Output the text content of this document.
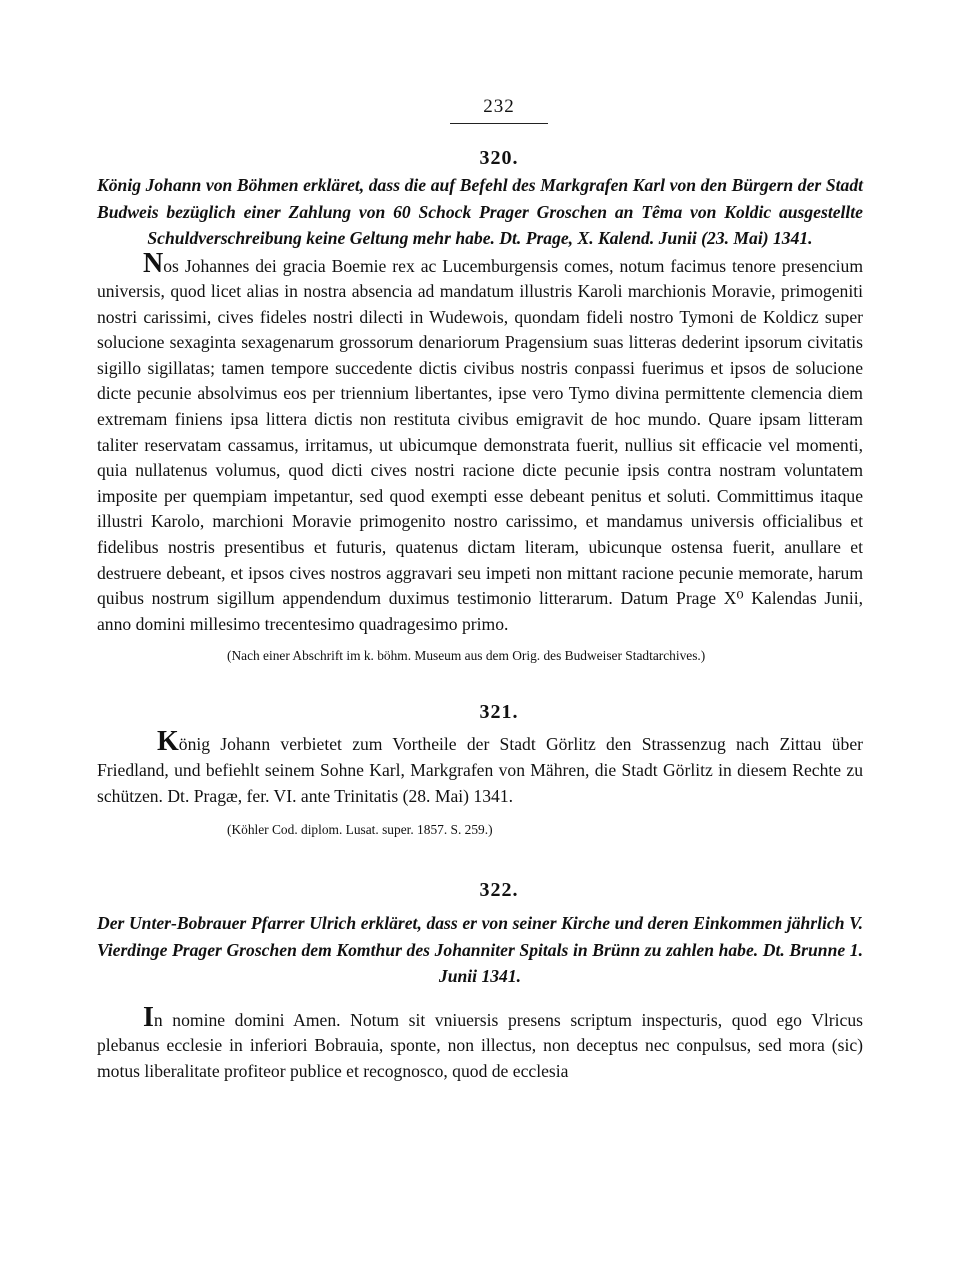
232
320.

König Johann von Böhmen erkläret, dass die auf Befehl des Markgrafen Karl von den Bürgern der Stadt Budweis bezüglich einer Zahlung von 60 Schock Prager Groschen an Têma von Koldic ausgestellte Schuldverschreibung keine Geltung mehr habe. Dt. Prage, X. Kalend. Junii (23. Mai) 1341.

Nos Johannes dei gracia Boemie rex ac Lucemburgensis comes, notum facimus tenore presencium universis, quod licet alias in nostra absencia ad mandatum illustris Karoli marchionis Moravie, primogeniti nostri carissimi, cives fideles nostri dilecti in Wudewois, quondam fideli nostro Tymoni de Koldicz super solucione sexaginta sexagenarum grossorum denariorum Pragensium suas litteras dederint ipsorum civitatis sigillo sigillatas; tamen tempore succedente dictis civibus nostris conpassi fuerimus et ipsos de solucione dicte pecunie absolvimus eos per triennium libertantes, ipse vero Tymo divina permittente clemencia diem extremam finiens ipsa littera dictis non restituta civibus emigravit de hoc mundo. Quare ipsam litteram taliter reservatam cassamus, irritamus, ut ubicumque demonstrata fuerit, nullius sit efficacie vel momenti, quia nullatenus volumus, quod dicti cives nostri racione dicte pecunie ipsis contra nostram voluntatem imposite per quempiam impetantur, sed quod exempti esse debeant penitus et soluti. Committimus itaque illustri Karolo, marchioni Moravie primogenito nostro carissimo, et mandamus universis officialibus et fidelibus nostris presentibus et futuris, quatenus dictam literam, ubicunque ostensa fuerit, anullare et destruere debeant, et ipsos cives nostros aggravari seu impeti non mittant racione pecunie memorate, harum quibus nostrum sigillum appendendum duximus testimonio litterarum. Datum Prage X⁰ Kalendas Junii, anno domini millesimo trecentesimo quadragesimo primo.

(Nach einer Abschrift im k. böhm. Museum aus dem Orig. des Budweiser Stadtarchives.)
321.

König Johann verbietet zum Vortheile der Stadt Görlitz den Strassenzug nach Zittau über Friedland, und befiehlt seinem Sohne Karl, Markgrafen von Mähren, die Stadt Görlitz in diesem Rechte zu schützen. Dt. Pragæ, fer. VI. ante Trinitatis (28. Mai) 1341.

(Köhler Cod. diplom. Lusat. super. 1857. S. 259.)
322.

Der Unter-Bobrauer Pfarrer Ulrich erkläret, dass er von seiner Kirche und deren Einkommen jährlich V. Vierdinge Prager Groschen dem Komthur des Johanniter Spitals in Brünn zu zahlen habe. Dt. Brunne 1. Junii 1341.

In nomine domini Amen. Notum sit vniuersis presens scriptum inspecturis, quod ego Vlricus plebanus ecclesie in inferiori Bobrauia, sponte, non illectus, non deceptus nec conpulsus, sed mora (sic) motus liberalitate profiteor publice et recognosco, quod de ecclesia
